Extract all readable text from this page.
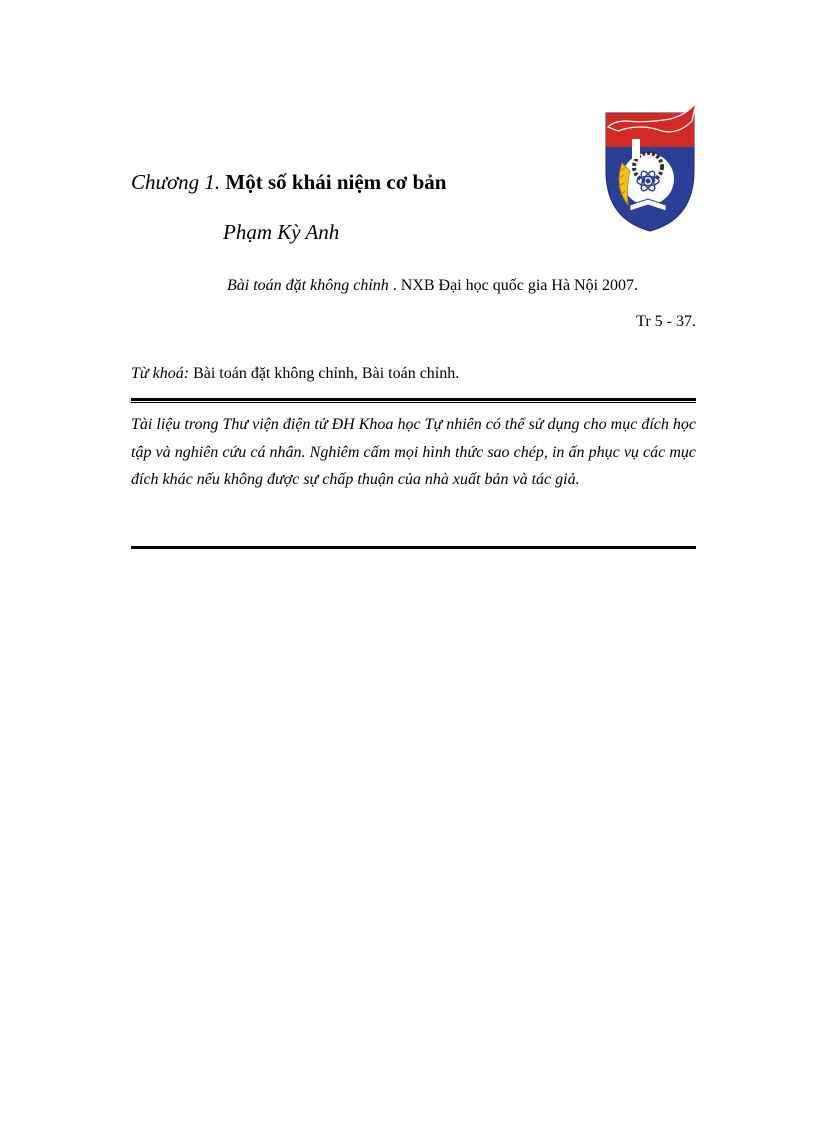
Chương 1. Một số khái niệm cơ bản
Phạm Kỳ Anh
Bài toán đặt không chỉnh . NXB Đại học quốc gia Hà Nội 2007.
Tr 5 - 37.
Từ khoá: Bài toán đặt không chỉnh, Bài toán chỉnh.
Tài liệu trong Thư viện điện tử ĐH Khoa học Tự nhiên có thể sử dụng cho mục đích học tập và nghiên cứu cá nhân. Nghiêm cấm mọi hình thức sao chép, in ấn phục vụ các mục đích khác nếu không được sự chấp thuận của nhà xuất bản và tác giả.
